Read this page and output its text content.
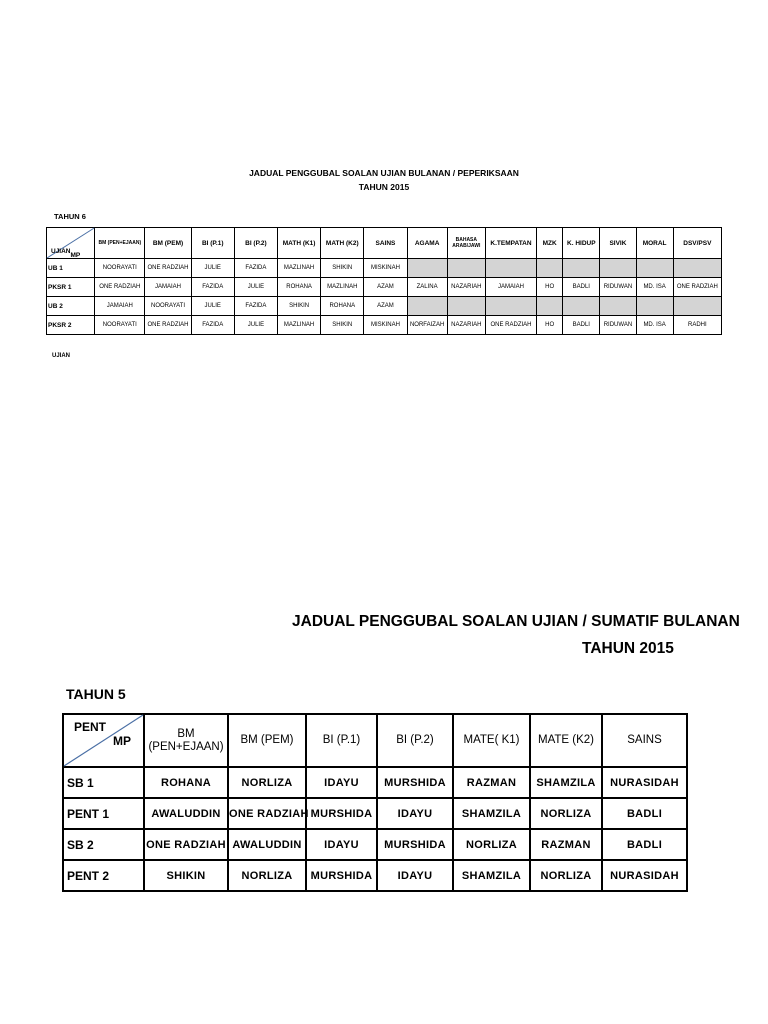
JADUAL PENGGUBAL SOALAN UJIAN BULANAN / PEPERIKSAAN
TAHUN 2015
TAHUN 6
UJIAN
MP	BM (PEN+EJAAN)	BM (PEM)	BI (P.1)	BI (P.2)	MATH (K1)	MATH (K2)	SAINS	AGAMA	BAHASA ARAB/JAWI	K.TEMPATAN	MZK	K. HIDUP	SIVIK	MORAL	DSV/PSV
UB 1	NOORAYATI	ONE RADZIAH	JULIE	FAZIDA	MAZLINAH	SHIKIN	MISKINAH								
PKSR 1	ONE RADZIAH	JAMAIAH	FAZIDA	JULIE	ROHANA	MAZLINAH	AZAM	ZALINA	NAZARIAH	JAMAIAH	HO	BADLI	RIDUWAN	MD. ISA	ONE RADZIAH
UB 2	JAMAIAH	NOORAYATI	JULIE	FAZIDA	SHIKIN	ROHANA	AZAM								
PKSR 2	NOORAYATI	ONE RADZIAH	FAZIDA	JULIE	MAZLINAH	SHIKIN	MISKINAH	NORFAIZAH	NAZARIAH	ONE RADZIAH	HO	BADLI	RIDUWAN	MD. ISA	RADHI
UJIAN
JADUAL PENGGUBAL SOALAN UJIAN / SUMATIF BULANAN
TAHUN 2015
TAHUN 5
PENT
MP	BM (PEN+EJAAN)	BM (PEM)	BI (P.1)	BI (P.2)	MATE( K1)	MATE (K2)	SAINS
SB 1	ROHANA	NORLIZA	IDAYU	MURSHIDA	RAZMAN	SHAMZILA	NURASIDAH
PENT 1	AWALUDDIN	ONE RADZIAH	MURSHIDA	IDAYU	SHAMZILA	NORLIZA	BADLI
SB 2	ONE RADZIAH	AWALUDDIN	IDAYU	MURSHIDA	NORLIZA	RAZMAN	BADLI
PENT 2	SHIKIN	NORLIZA	MURSHIDA	IDAYU	SHAMZILA	NORLIZA	NURASIDAH
